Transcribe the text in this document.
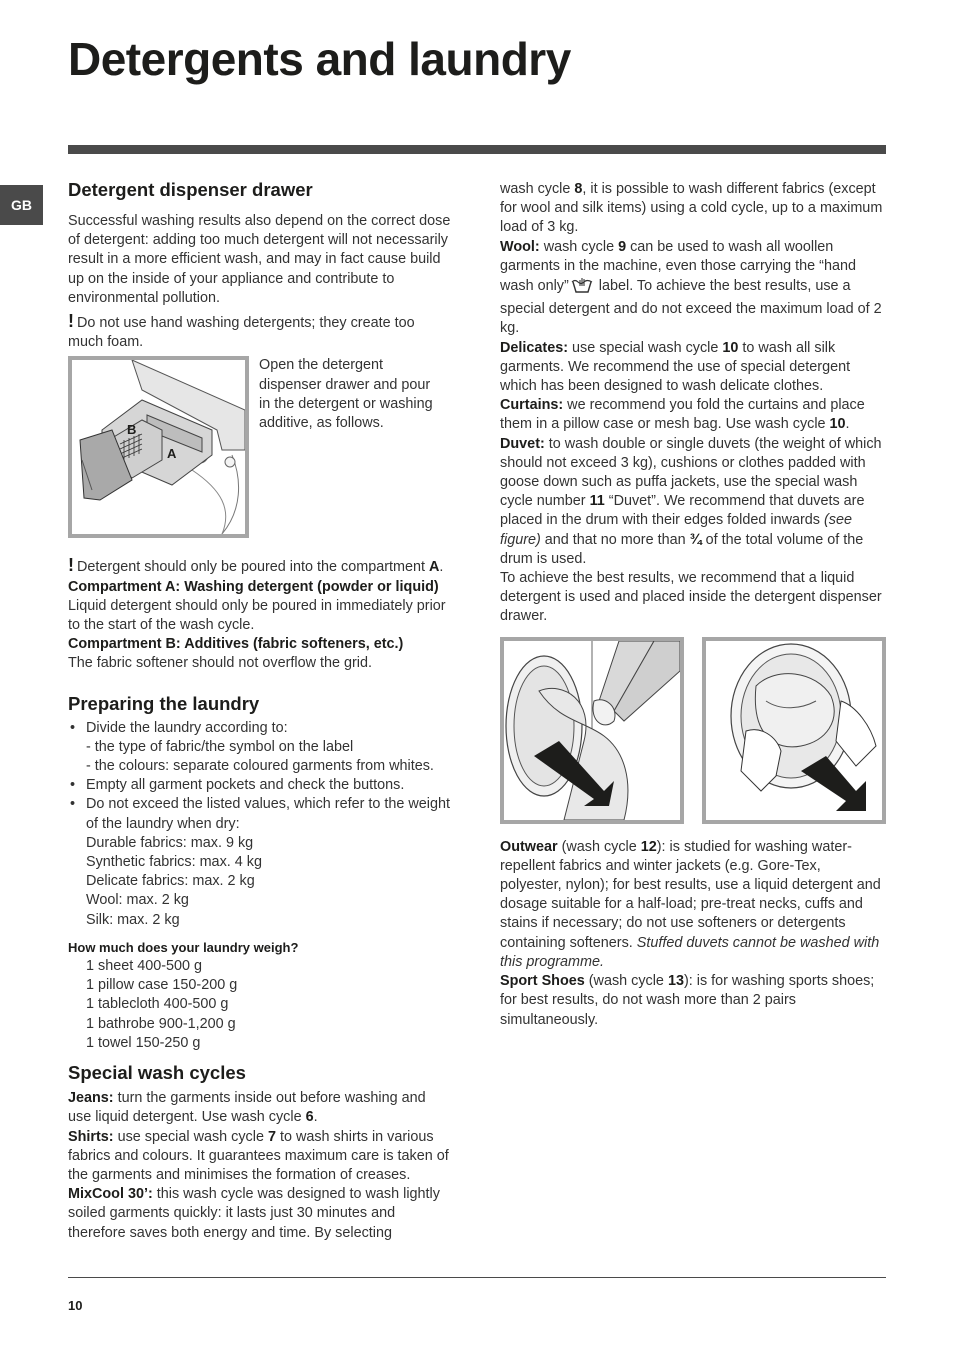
Detergents and laundry
GB
Detergent dispenser drawer

Successful washing results also depend on the correct dose of detergent: adding too much detergent will not necessarily result in a more efficient wash, and may in fact cause build up on the inside of your appliance and contribute to environmental pollution.

! Do not use hand washing detergents; they create too much foam.

B
A

Open the detergent dispenser drawer and pour in the detergent or washing additive, as follows.

! Detergent should only be poured into the compartment A.

Compartment A: Washing detergent (powder or liquid)

Liquid detergent should only be poured in immediately prior to the start of the wash cycle.

Compartment B: Additives (fabric softeners, etc.)

The fabric softener should not overflow the grid.

Preparing the laundry
• Divide the laundry according to:
- the type of fabric/the symbol on the label
- the colours: separate coloured garments from whites.
• Empty all garment pockets and check the buttons.
• Do not exceed the listed values, which refer to the weight of the laundry when dry:
Durable fabrics: max. 9 kg
Synthetic fabrics: max. 4 kg
Delicate fabrics: max. 2 kg
Wool: max. 2 kg
Silk: max. 2 kg

How much does your laundry weigh?

1 sheet 400-500 g
1 pillow case 150-200 g
1 tablecloth 400-500 g
1 bathrobe 900-1,200 g
1 towel 150-250 g
Special wash cycles

Jeans: turn the garments inside out before washing and use liquid detergent. Use wash cycle 6.

Shirts: use special wash cycle 7 to wash shirts in various fabrics and colours. It guarantees maximum care is taken of the garments and minimises the formation of creases.

MixCool 30’: this wash cycle was designed to wash lightly soiled garments quickly: it lasts just 30 minutes and therefore saves both energy and time. By selecting

wash cycle 8, it is possible to wash different fabrics (except for wool and silk items) using a cold cycle, up to a maximum load of 3 kg.

Wool: wash cycle 9 can be used to wash all woollen garments in the machine, even those carrying the “hand wash only” label. To achieve the best results, use a special detergent and do not exceed the maximum load of 2 kg.

Delicates: use special wash cycle 10 to wash all silk garments. We recommend the use of special detergent which has been designed to wash delicate clothes.

Curtains: we recommend you fold the curtains and place them in a pillow case or mesh bag. Use wash cycle 10.

Duvet: to wash double or single duvets (the weight of which should not exceed 3 kg), cushions or clothes padded with goose down such as puffa jackets, use the special wash cycle number 11 “Duvet”. We recommend that duvets are placed in the drum with their edges folded inwards (see figure) and that no more than ¾ of the total volume of the drum is used.

To achieve the best results, we recommend that a liquid detergent is used and placed inside the detergent dispenser drawer.

Outwear (wash cycle 12): is studied for washing water-repellent fabrics and winter jackets (e.g. Gore-Tex, polyester, nylon); for best results, use a liquid detergent and dosage suitable for a half-load; pre-treat necks, cuffs and stains if necessary; do not use softeners or detergents containing softeners. Stuffed duvets cannot be washed with this programme.

Sport Shoes (wash cycle 13): is for washing sports shoes; for best results, do not wash more than 2 pairs simultaneously.

10
